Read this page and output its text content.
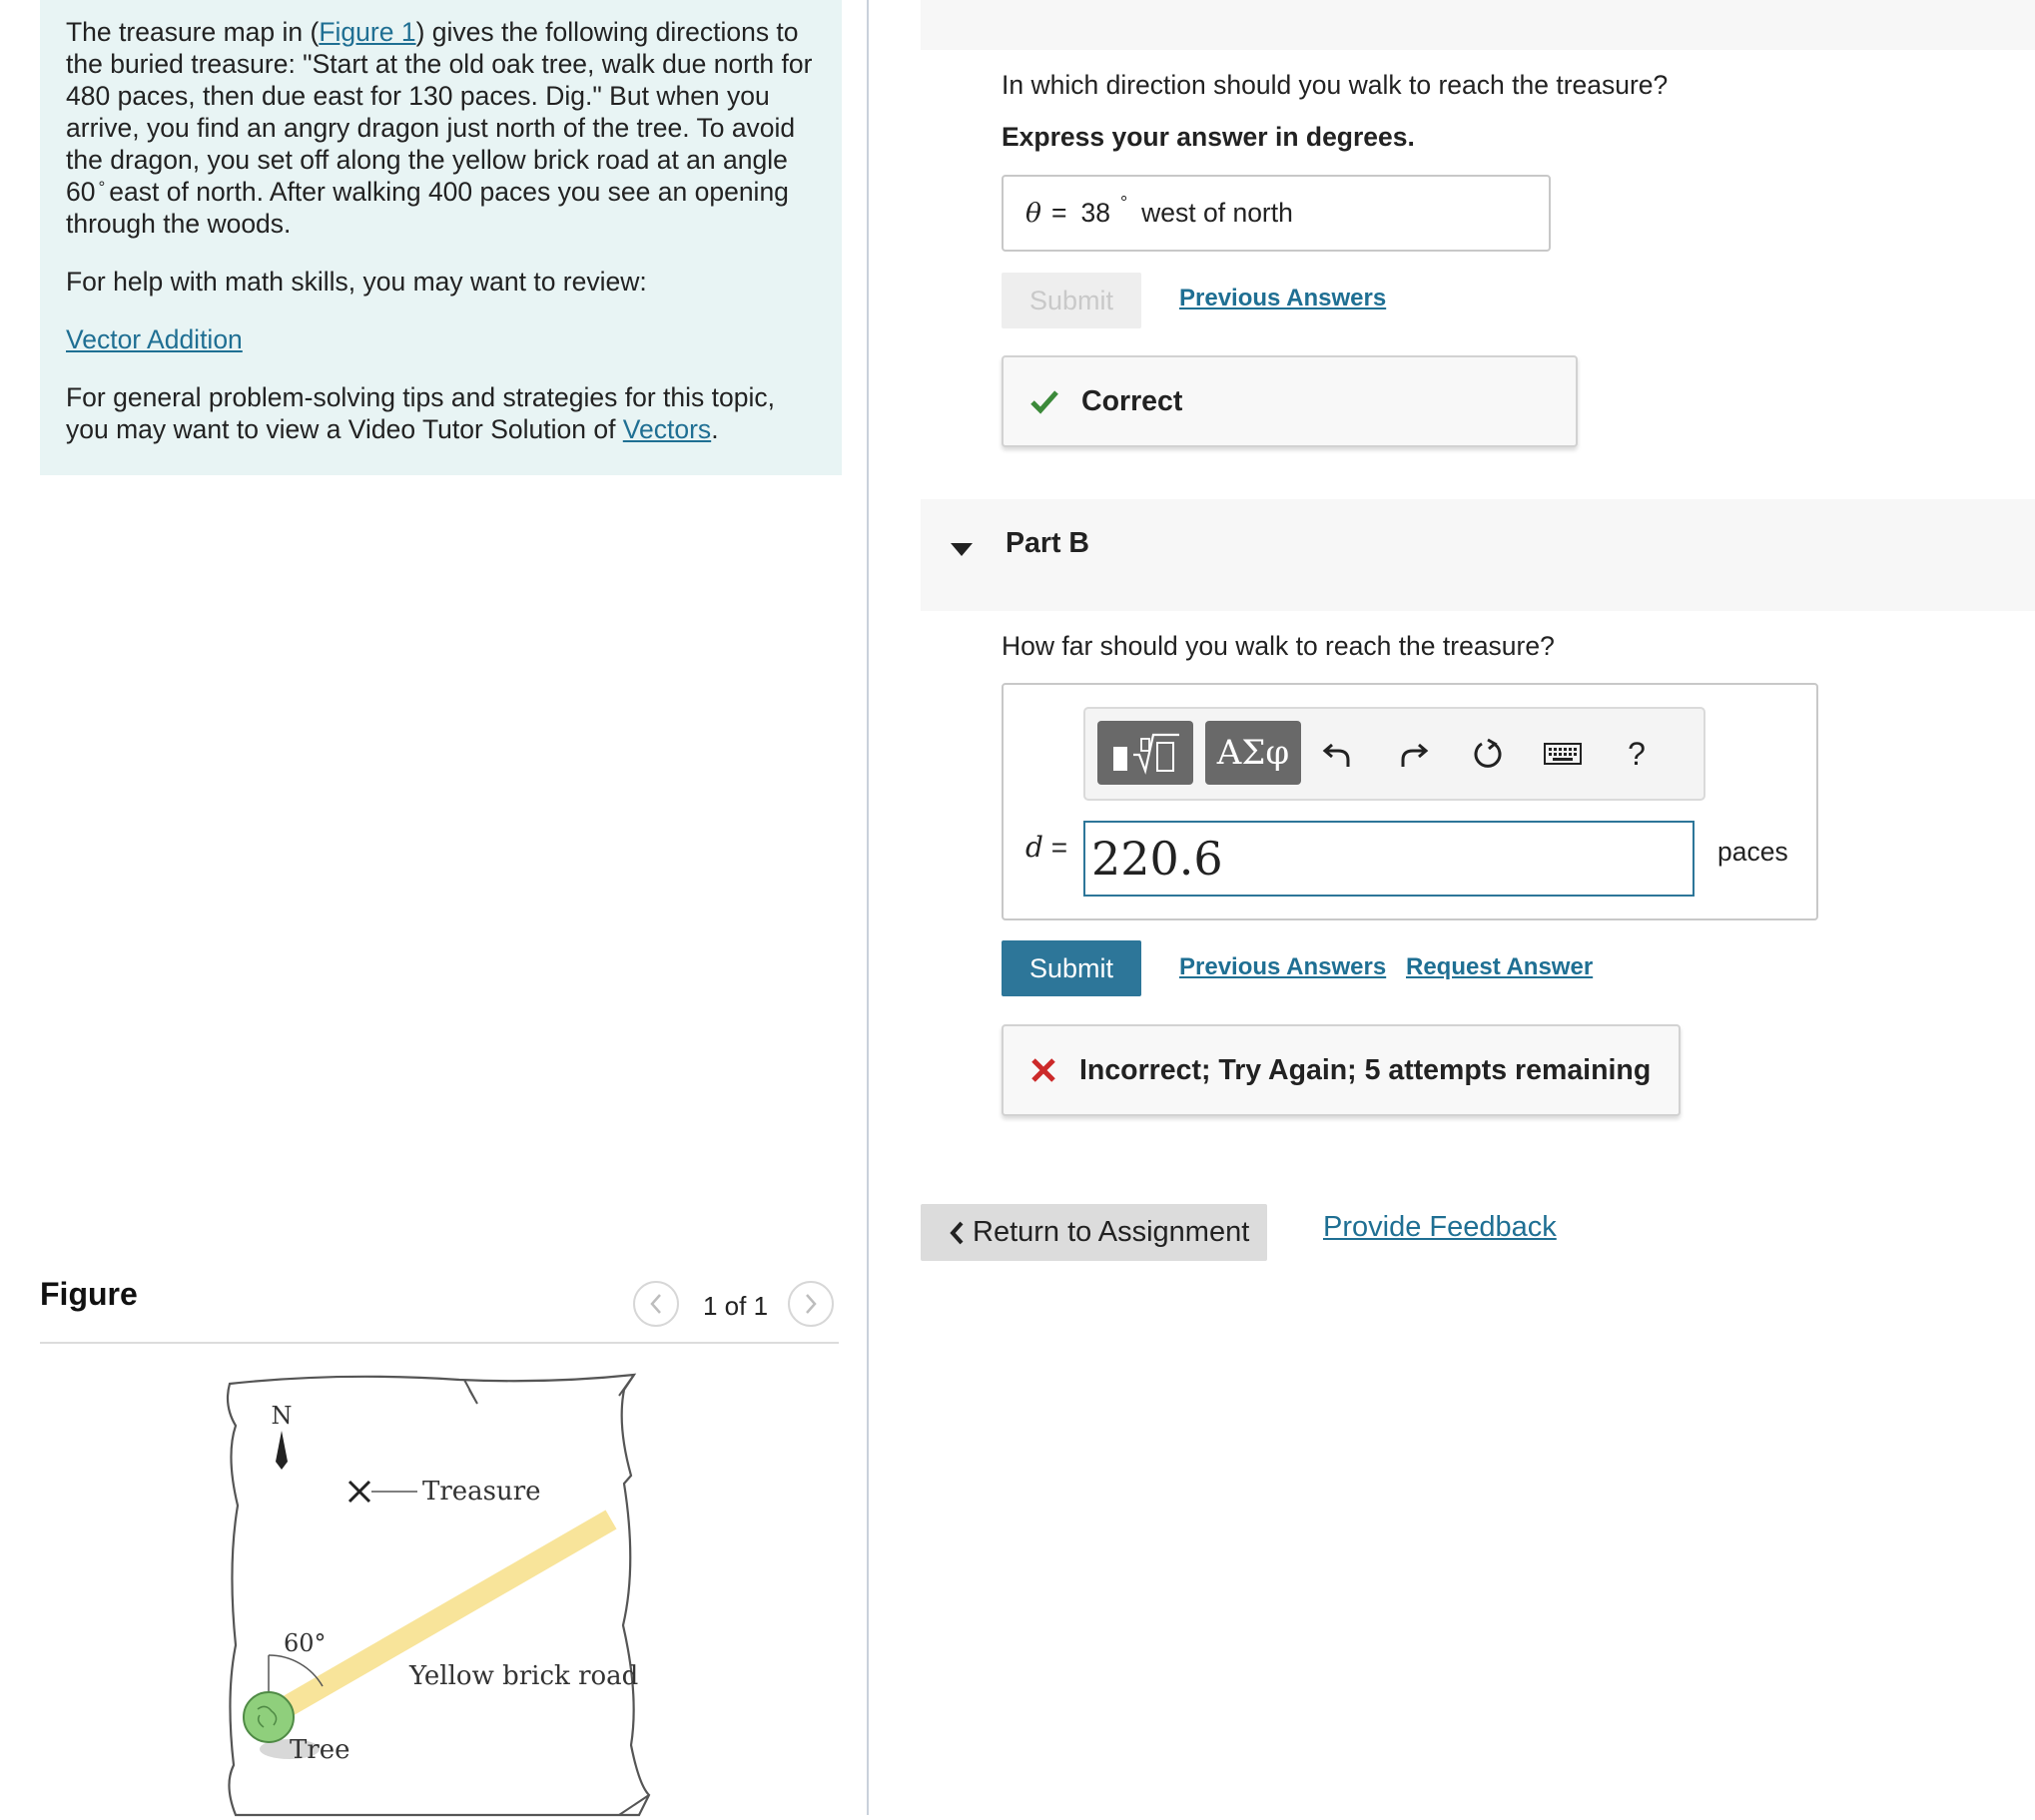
The treasure map in (Figure 1) gives the following directions to the buried treasure: "Start at the old oak tree, walk due north for 480 paces, then due east for 130 paces. Dig." But when you arrive, you find an angry dragon just north of the tree. To avoid the dragon, you set off along the yellow brick road at an angle 60 ° east of north. After walking 400 paces you see an opening through the woods.

For help with math skills, you may want to review:

Vector Addition

For general problem-solving tips and strategies for this topic, you may want to view a Video Tutor Solution of Vectors.

Figure	1 of 1
N
Treasure
60°
Yellow brick road
Tree
In which direction should you walk to reach the treasure?
Express your answer in degrees.
θ = 38 ° west of north
Submit	Previous Answers
Correct
Part B
How far should you walk to reach the treasure?
ΑΣφ	?
d =
220.6	paces
Submit	Previous Answers Request Answer
Incorrect; Try Again; 5 attempts remaining
Return to Assignment	Provide Feedback
